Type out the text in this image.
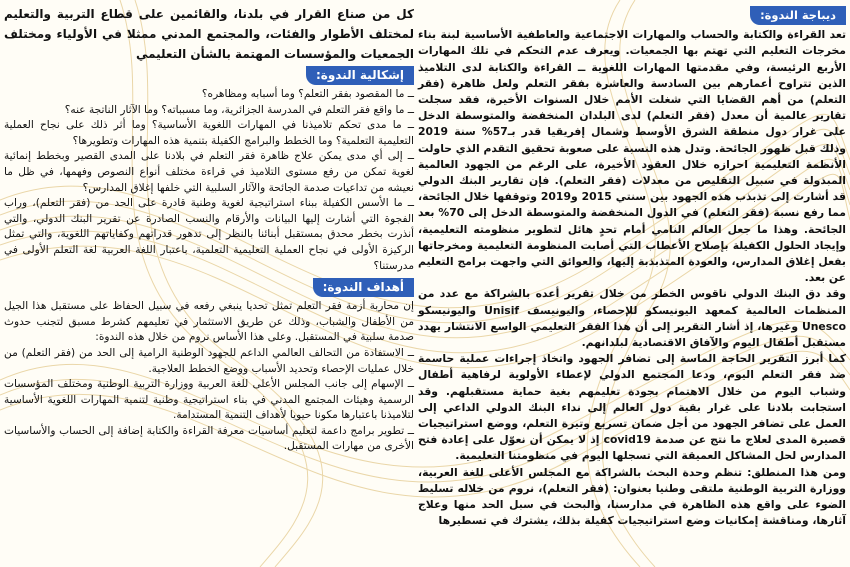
ديباجة الندوة:

تعد القراءة والكتابة والحساب والمهارات الاجتماعية والعاطفية الأساسية لبنة بناء مخرجات التعليم التي تهتم بها الجمعيات. ويعرف عدم التحكم في تلك المهارات الأربع الرئيسة، وفي مقدمتها المهارات اللغوية ــ القراءة والكتابة لدى التلاميذ الذين تتراوح أعمارهم بين السادسة والعاشرة بفقر التعلم ولعل ظاهرة (فقر التعلم) من أهم القضايا التي شغلت الأمم خلال السنوات الأخيرة، فقد سجلت تقارير عالمية أن معدل (فقر التعلم) لدى البلدان المنخفضة والمتوسطة الدخل على غرار دول منطقة الشرق الأوسط وشمال إفريقيا قدر بـ57% سنة 2019 وذلك قبل ظهور الجائحة. وتدل هذه النسبة على صعوبة تحقيق التقدم الذي حاولت الأنظمة التعليمية احرازه خلال العقود الأخيرة، على الرغم من الجهود العالمية المبذولة في سبيل التقليص من معدلات (فقر التعلم). فإن تقارير البنك الدولي قد أشارت إلى تذبذب هذه الجهود بين سنتي 2015 و2019 وتوقفها خلال الجائحة، مما رفع نسبة (فقر التعلم) في الدول المنخفضة والمتوسطة الدخل إلى 70% بعد الجائحة. وهذا ما جعل العالم النامي أمام تحدٍ هائل لتطوير منظومته التعليمية، وإيجاد الحلول الكفيلة بإصلاح الأعطاب التي أصابت المنظومة التعليمية ومخرجاتها بفعل إغلاق المدارس، والعودة المتذبذبة إليها، والعوائق التي واجهت برامج التعليم عن بعد.

وقد دق البنك الدولي ناقوس الخطر من خلال تقرير أعده بالشراكة مع عدد من المنظمات العالمية كمعهد اليونيسكو للإحصاء، واليونيسف Unisif واليونيسكو Unesco وغيرها، إذ أشار التقرير إلى أن هذا الفقر التعليمي الواسع الانتشار يهدد مستقبل أطفال اليوم والآفاق الاقتصادية لبلدانهم.

كما أبرز التقرير الحاجة الماسة إلى تضافر الجهود واتخاذ إجراءات عملية حاسمة ضد فقر التعلم اليوم، ودعا المجتمع الدولي لإعطاء الأولوية لرفاهية أطفال وشباب اليوم من خلال الاهتمام بجودة تعليمهم بغية حماية مستقبلهم. وقد استجابت بلادنا على غرار بقية دول العالم إلى نداء البنك الدولي الداعي إلى العمل على تضافر الجهود من أجل ضمان تسريع وتيرة التعلم، ووضع استراتيجيات قصيرة المدى لعلاج ما نتج عن صدمة covid19 إذ لا يمكن أن نعوّل على إعادة فتح المدارس لحل المشاكل العميقة التي تسجلها اليوم في منظومتنا التعليمية.

ومن هذا المنطلق: تنظم وحدة البحث بالشراكة مع المجلس الأعلى للغة العربية، ووزارة التربية الوطنية ملتقى وطنيا بعنوان: (فقر التعلم)، نروم من خلاله تسليط الضوء على واقع هذه الظاهرة في مدارسنا، والبحث في سبل الحد منها وعلاج آثارها، ومناقشة إمكانيات وضع استراتيجيات كفيلة بذلك، يشترك في تسطيرها

كل من صناع القرار في بلدنا، والقائمين على قطاع التربية والتعليم لمختلف الأطوار والفئات، والمجتمع المدني ممثلا في الأولياء ومختلف الجمعيات والمؤسسات المهتمة بالشأن التعليمي

إشكالية الندوة:

ــ ما المقصود بفقر التعلم؟ وما أسبابه ومظاهره؟

ــ ما واقع فقر التعلم في المدرسة الجزائرية، وما مسبباته؟ وما الآثار الناتجة عنه؟

ــ ما مدى تحكم تلاميذنا في المهارات اللغوية الأساسية؟ وما أثر ذلك على نجاح العملية التعليمية التعلمية؟ وما الخطط والبرامج الكفيلة بتنمية هذه المهارات وتطويرها؟

ــ إلى أي مدى يمكن علاج ظاهرة فقر التعلم في بلادنا على المدى القصير وبخطط إنمائية لغوية تمكن من رفع مستوى التلاميذ في قراءة مختلف أنواع النصوص وفهمها، في ظل ما نعيشه من تداعيات صدمة الجائحة والآثار السلبية التي خلفها إغلاق المدارس؟

ــ ما الأسس الكفيلة ببناء استراتيجية لغوية وطنية قادرة على الحد من (فقر التعلم)، وراب الفجوة التي أشارت إليها البيانات والأرقام والنسب الصادرة عن تقرير البنك الدولي، والتي أنذرت بخطر محدق بمستقبل أبنائنا بالنظر إلى تدهور قدراتهم وكفاياتهم اللغوية، والتي تمثل الركيزة الأولى في نجاح العملية التعليمية التعلمية، باعتبار اللغة العربية لغة التعلم الأولى في مدرستنا؟

أهداف الندوة:

إن محاربة أزمة فقر التعلم تمثل تحديا ينبغي رفعه في سبيل الحفاظ على مستقبل هذا الجيل من الأطفال والشباب، وذلك عن طريق الاستثمار في تعليمهم كشرط مسبق لتجنب حدوث صدمة سلبية في المستقبل. وعلى هذا الأساس نروم من خلال هذه الندوة:

ــ الاستفادة من التحالف العالمي الداعم للجهود الوطنية الرامية إلى الحد من (فقر التعلم) من خلال عمليات الإحصاء وتحديد الأسباب ووضع الخطط العلاجية.

ــ الإسهام إلى جانب المجلس الأعلى للغة العربية ووزارة التربية الوطنية ومختلف المؤسسات الرسمية وهيئات المجتمع المدني في بناء استراتيجية وطنية لتنمية المهارات اللغوية الأساسية لتلاميذنا باعتبارها مكونا حيويا لأهداف التنمية المستدامة.

ــ تطوير برامج داعمة لتعليم أساسيات معرفة القراءة والكتابة إضافة إلى الحساب والأساسيات الأخرى من مهارات المستقبل.
